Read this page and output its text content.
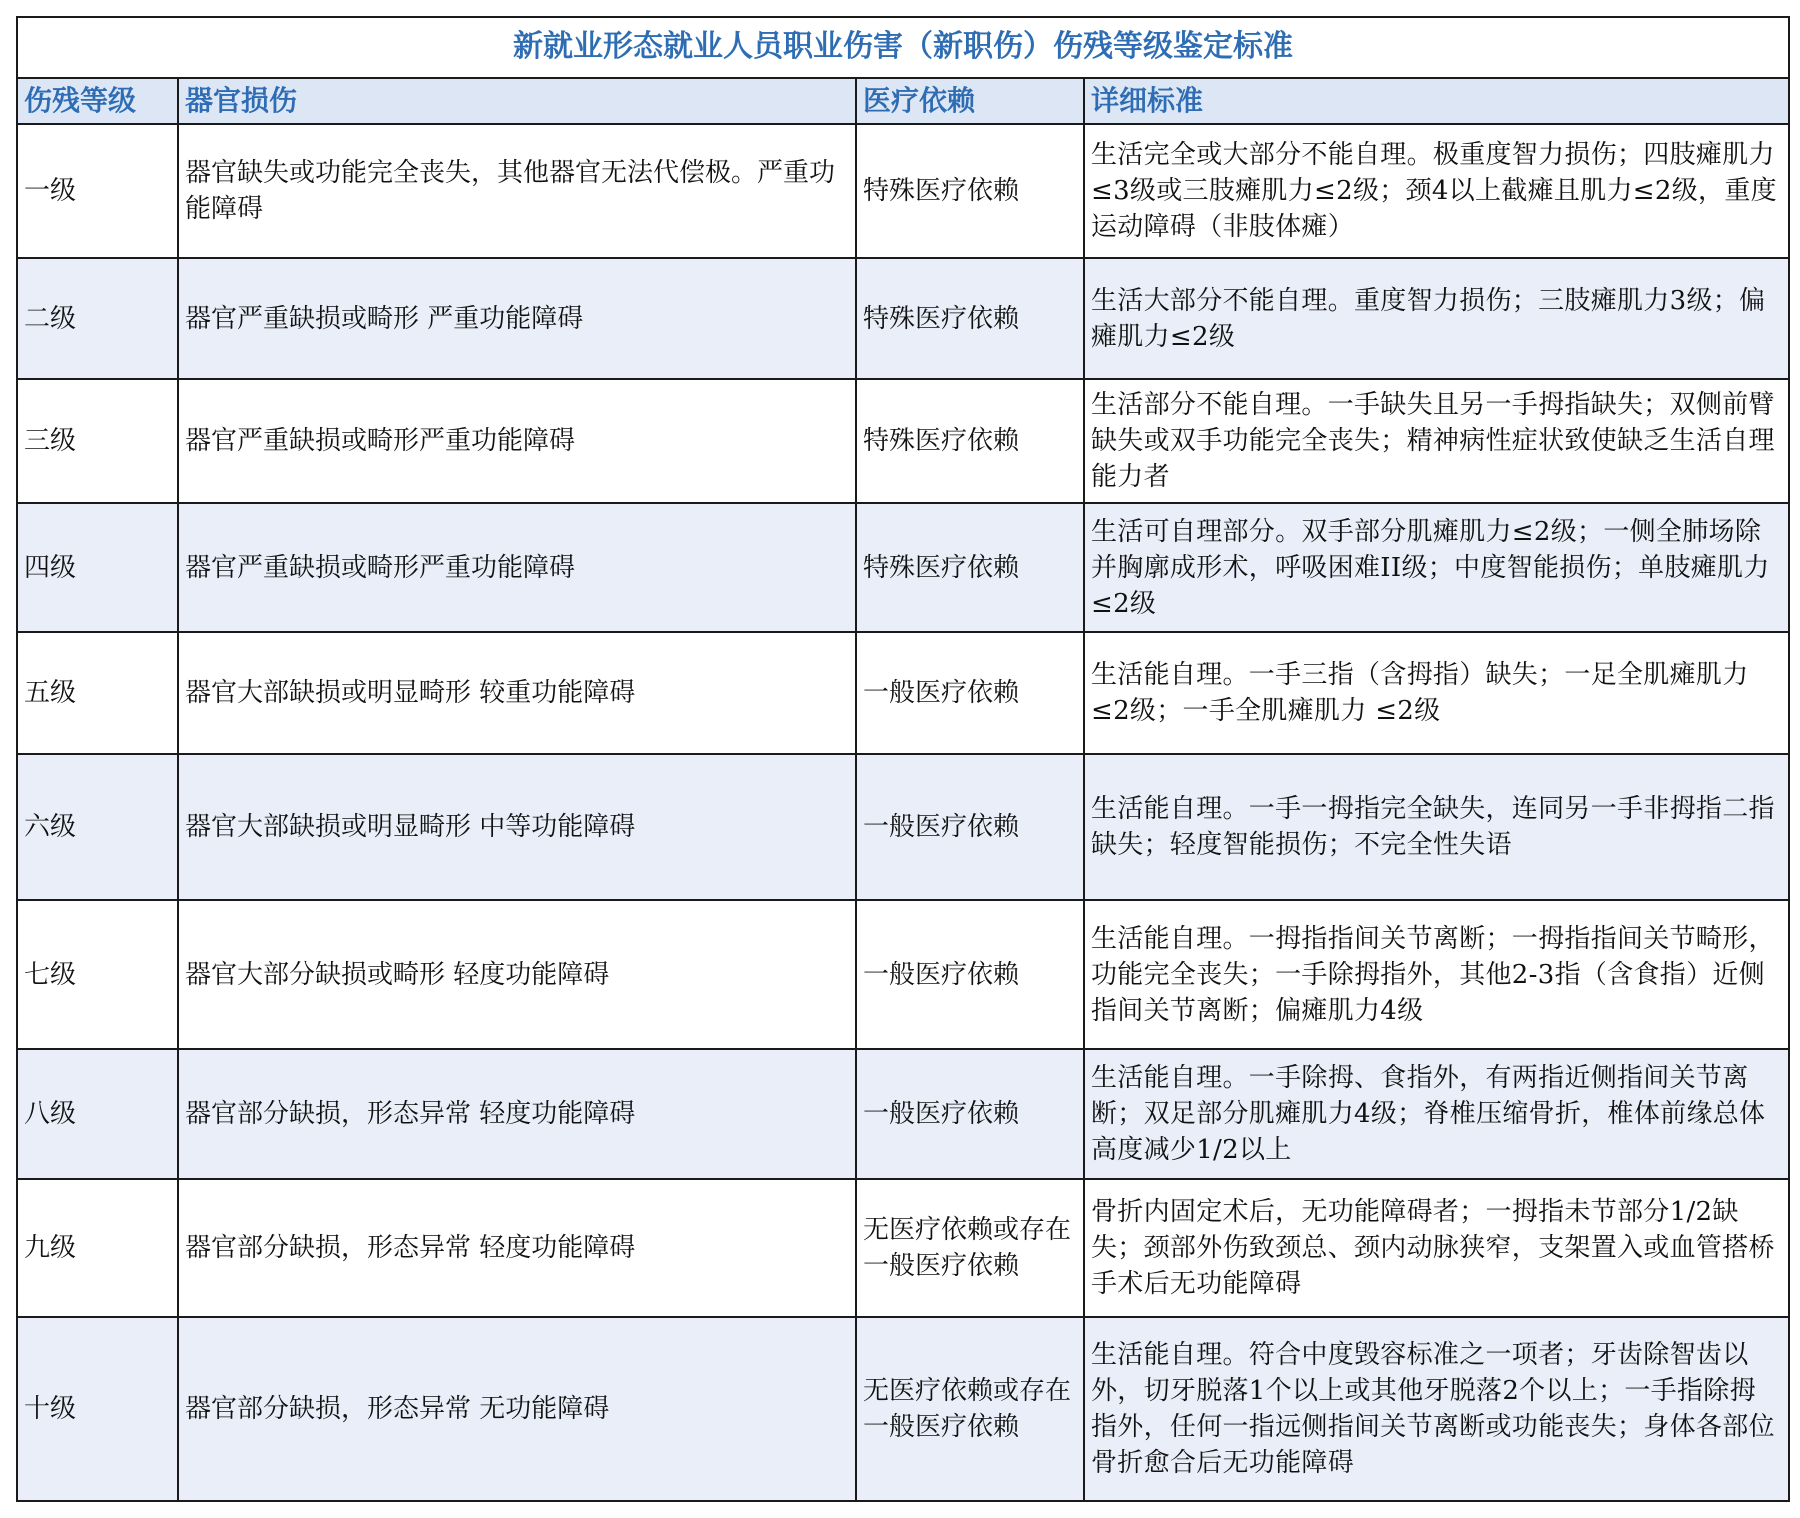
新就业形态就业人员职业伤害（新职伤）伤残等级鉴定标准			
伤残等级	器官损伤	医疗依赖	详细标准
一级	器官缺失或功能完全丧失，其他器官无法代偿极。严重功能障碍	特殊医疗依赖	生活完全或大部分不能自理。极重度智力损伤；四肢瘫肌力≤3级或三肢瘫肌力≤2级；颈4以上截瘫且肌力≤2级，重度运动障碍（非肢体瘫）
二级	器官严重缺损或畸形 严重功能障碍	特殊医疗依赖	生活大部分不能自理。重度智力损伤；三肢瘫肌力3级；偏瘫肌力≤2级
三级	器官严重缺损或畸形严重功能障碍	特殊医疗依赖	生活部分不能自理。一手缺失且另一手拇指缺失；双侧前臂缺失或双手功能完全丧失；精神病性症状致使缺乏生活自理能力者
四级	器官严重缺损或畸形严重功能障碍	特殊医疗依赖	生活可自理部分。双手部分肌瘫肌力≤2级；一侧全肺场除并胸廓成形术，呼吸困难II级；中度智能损伤；单肢瘫肌力≤2级
五级	器官大部缺损或明显畸形 较重功能障碍	一般医疗依赖	生活能自理。一手三指（含拇指）缺失；一足全肌瘫肌力≤2级；一手全肌瘫肌力 ≤2级
六级	器官大部缺损或明显畸形 中等功能障碍	一般医疗依赖	生活能自理。一手一拇指完全缺失，连同另一手非拇指二指缺失；轻度智能损伤；不完全性失语
七级	器官大部分缺损或畸形 轻度功能障碍	一般医疗依赖	生活能自理。一拇指指间关节离断；一拇指指间关节畸形，功能完全丧失；一手除拇指外，其他2-3指（含食指）近侧指间关节离断；偏瘫肌力4级
八级	器官部分缺损，形态异常 轻度功能障碍	一般医疗依赖	生活能自理。一手除拇、食指外，有两指近侧指间关节离断；双足部分肌瘫肌力4级；脊椎压缩骨折，椎体前缘总体高度减少1/2以上
九级	器官部分缺损，形态异常 轻度功能障碍	无医疗依赖或存在一般医疗依赖	骨折内固定术后，无功能障碍者；一拇指未节部分1/2缺失；颈部外伤致颈总、颈内动脉狭窄，支架置入或血管搭桥手术后无功能障碍
十级	器官部分缺损，形态异常 无功能障碍	无医疗依赖或存在一般医疗依赖	生活能自理。符合中度毁容标准之一项者；牙齿除智齿以外，切牙脱落1个以上或其他牙脱落2个以上；一手指除拇指外，任何一指远侧指间关节离断或功能丧失；身体各部位骨折愈合后无功能障碍
